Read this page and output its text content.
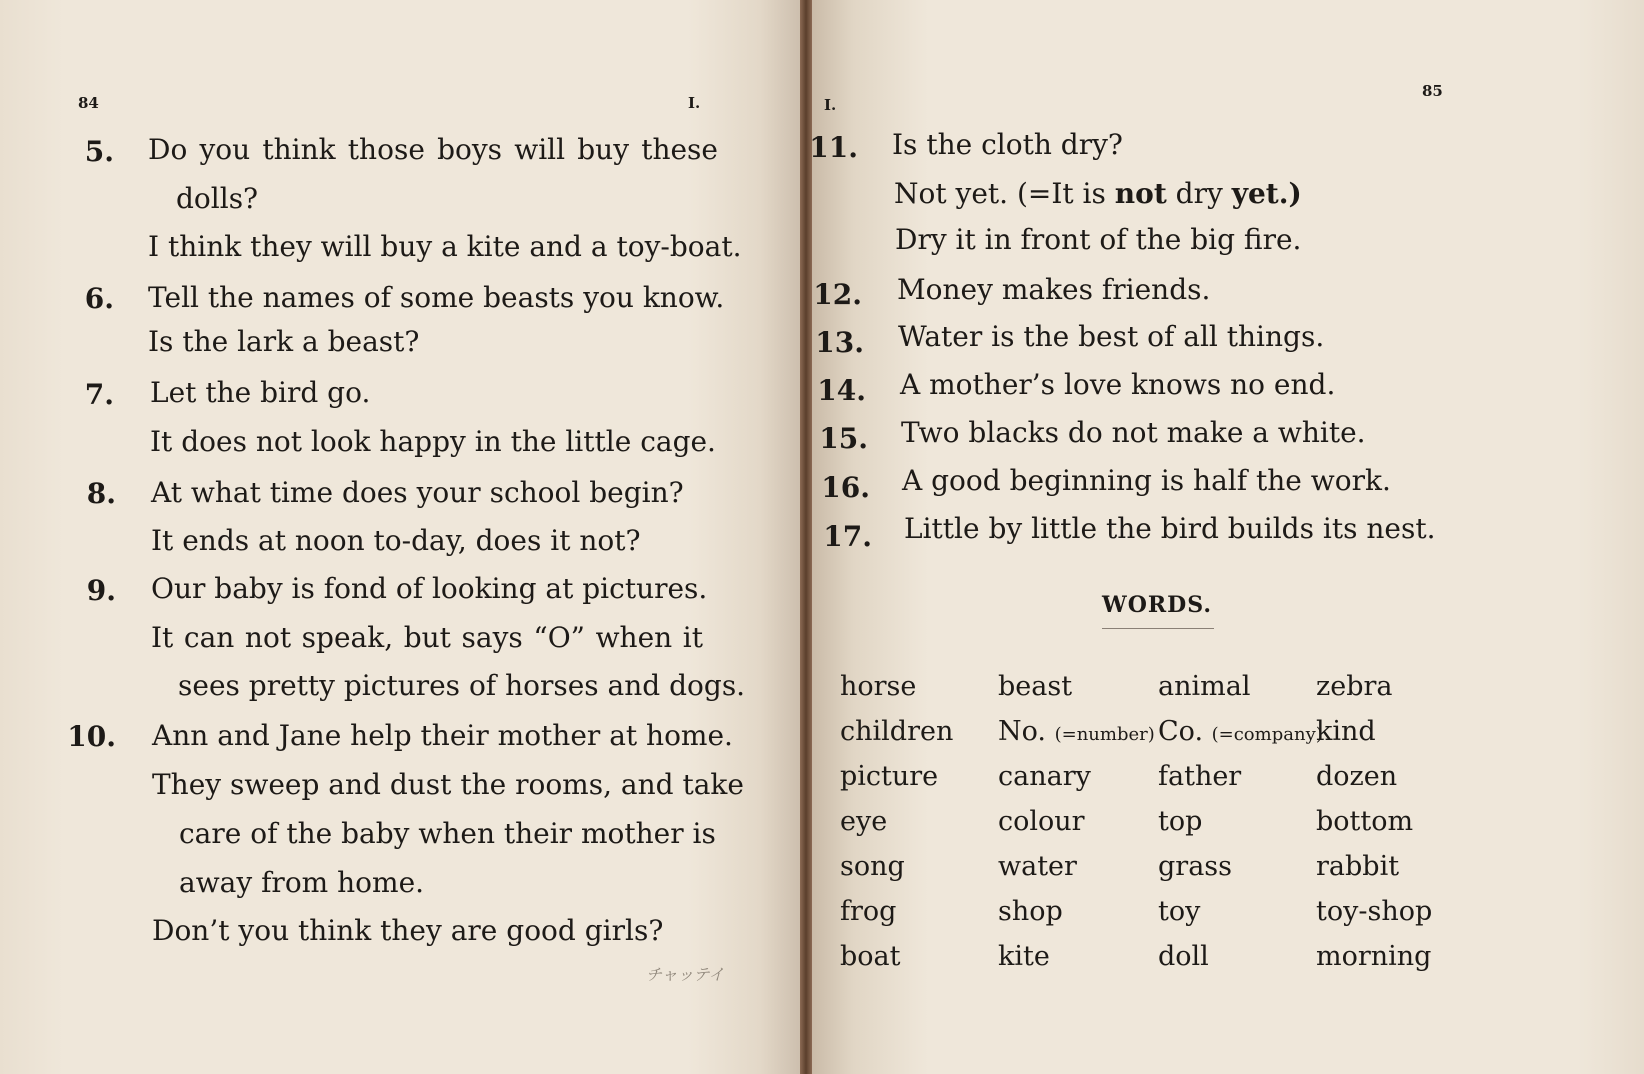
84	I.
5. Do you think those boys will buy these
dolls?
I think they will buy a kite and a toy-boat.
6. Tell the names of some beasts you know.
Is the lark a beast?
7. Let the bird go.
It does not look happy in the little cage.
8. At what time does your school begin?
It ends at noon to-day, does it not?
9. Our baby is fond of looking at pictures.
It can not speak, but says “O” when it
sees pretty pictures of horses and dogs.
10. Ann and Jane help their mother at home.
They sweep and dust the rooms, and take
care of the baby when their mother is
away from home.
Don’t you think they are good girls?
チャッテイ
I.
85
11. Is the cloth dry?
Not yet. (=It is not dry yet.)
Dry it in front of the big fire.
12. Money makes friends.
13. Water is the best of all things.
14. A mother’s love knows no end.
15. Two blacks do not make a white.
16. A good beginning is half the work.
17. Little by little the bird builds its nest.
WORDS.
horse
children
picture
eye
song
frog
boat
beast
No. (=number)
canary
colour
water
shop
kite
animal
Co. (=company)
father
top
grass
toy
doll
zebra
kind
dozen
bottom
rabbit
toy-shop
morning
